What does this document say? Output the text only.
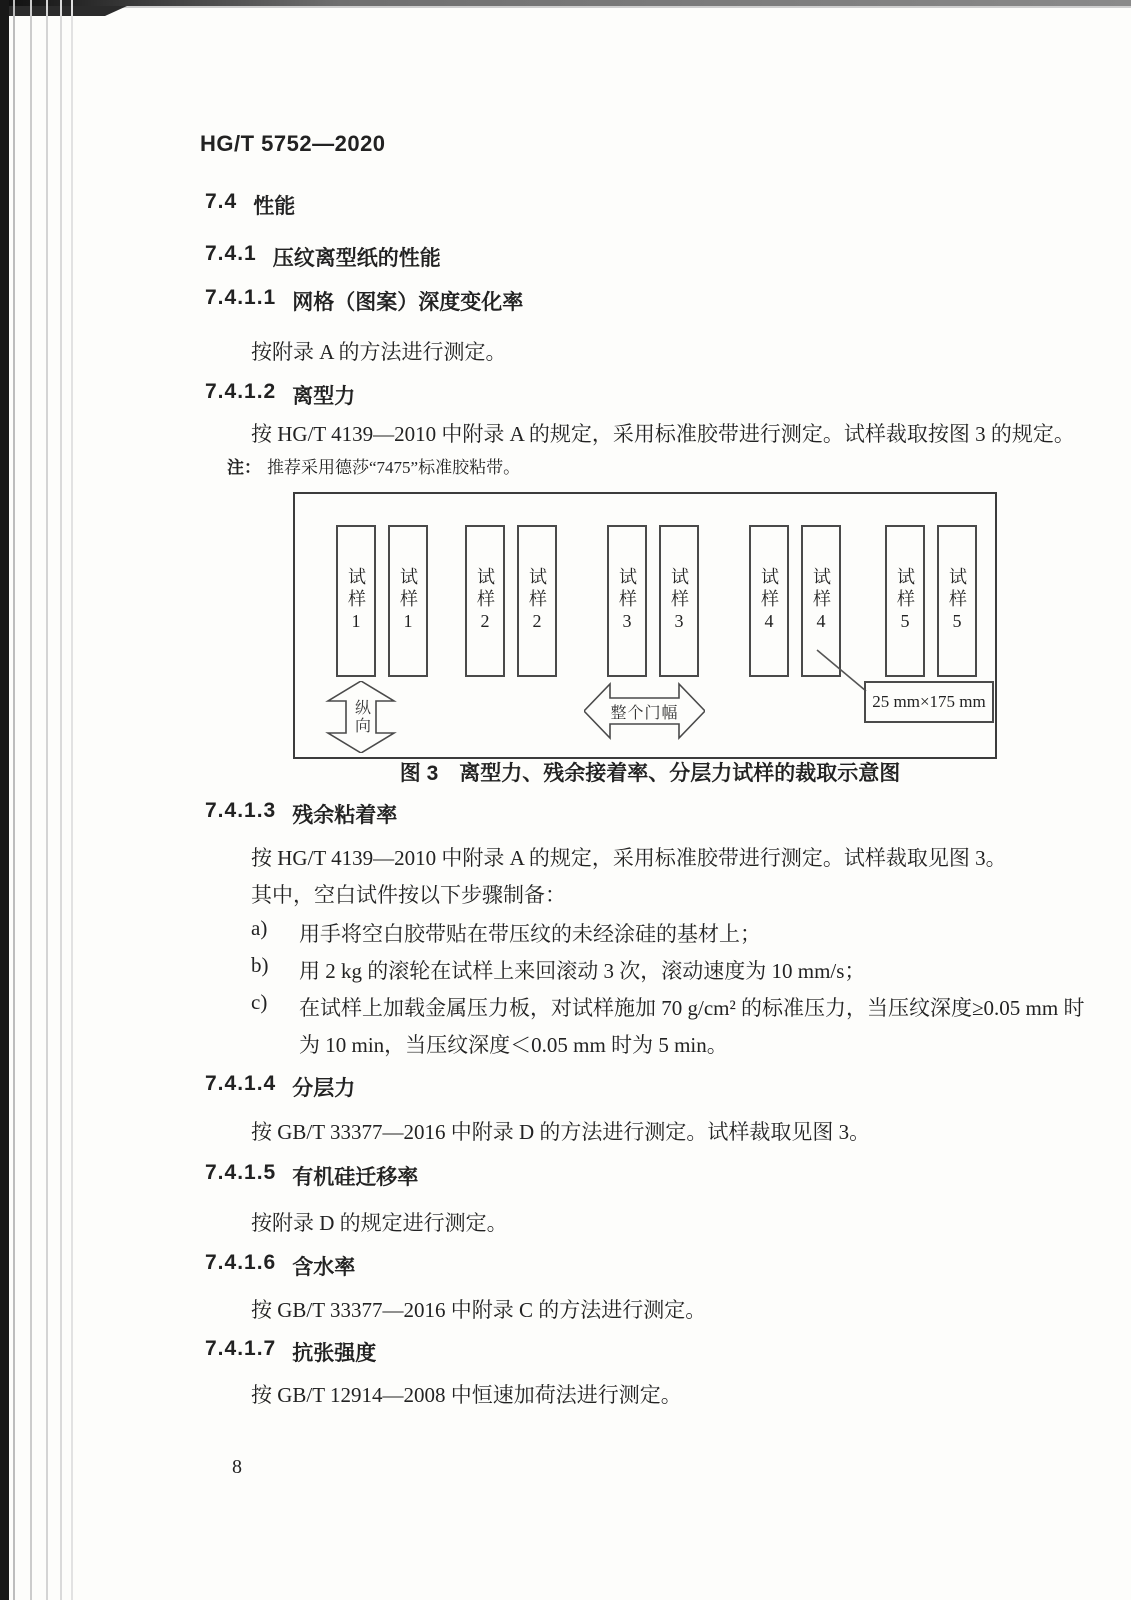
HG/T 5752—2020
7.4 性能
7.4.1 压纹离型纸的性能
7.4.1.1 网格（图案）深度变化率
按附录 A 的方法进行测定。
7.4.1.2 离型力
按 HG/T 4139—2010 中附录 A 的规定，采用标准胶带进行测定。试样裁取按图 3 的规定。
注： 推荐采用德莎“7475”标准胶粘带。
试样1 试样1	试样2 试样2	试样3 试样3	试样4 试样4	试样5 试样5
纵向	整个门幅
25 mm×175 mm
图 3　离型力、残余接着率、分层力试样的裁取示意图
7.4.1.3 残余粘着率
按 HG/T 4139—2010 中附录 A 的规定，采用标准胶带进行测定。试样裁取见图 3。
其中，空白试件按以下步骤制备：
a)	用手将空白胶带贴在带压纹的未经涂硅的基材上；
b)	用 2 kg 的滚轮在试样上来回滚动 3 次，滚动速度为 10 mm/s；
c)	在试样上加载金属压力板，对试样施加 70 g/cm² 的标准压力，当压纹深度≥0.05 mm 时为 10 min，当压纹深度＜0.05 mm 时为 5 min。
7.4.1.4 分层力
按 GB/T 33377—2016 中附录 D 的方法进行测定。试样裁取见图 3。
7.4.1.5 有机硅迁移率
按附录 D 的规定进行测定。
7.4.1.6 含水率
按 GB/T 33377—2016 中附录 C 的方法进行测定。
7.4.1.7 抗张强度
按 GB/T 12914—2008 中恒速加荷法进行测定。
8
